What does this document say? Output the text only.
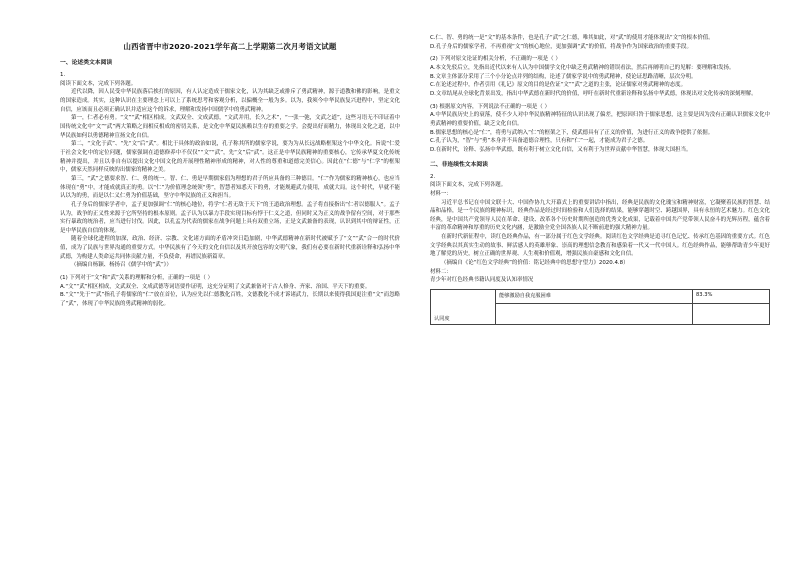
山西省晋中市2020-2021学年高二上学期第二次月考语文试题
一、论述类文本阅读

1.

阅读下面文本，完成下列各题。

近代以降，因人民受中华民族落后挨打的原因，有人认定造成于儒家文化，认为其缺乏或排斥了勇武精神，源于道教和佛的影响，是重文的国家造成。其实，这种认识在主要理念上可以上了系统思考和客观分析，以偏概全一般为多。以为，我须今中华民族复兴进程中，坚定文化自信，应该而且必须正确认识并适应这个的诉求，理解和发扬中国儒学中的勇武精神。

第一，仁者必有勇。“文”“武”相区相成。文武双全、文成武德，“文武并用，长久之术”，“一张一弛，文武之道”，这些习语无不印证着中国传统文化中“文”“武”两大策略之间相反相成的密切关系，是文化中华夏民族赖以生存的重要之学。会提出好而精力，体现出文化之道，以中华民族如何以勇德精神宣扬文化自信。

第二，“文化于武”、“先“文”后“武”。相比于具体的政治如说，孔子称其所的儒家学说，要为为从长远战略框架这个中华文化。旨说“仁爱于社会文化中的定位问题，儒家强调在道德修养中不仅仅”“文”“武”，先“文”后“武”。这正是中华民族精神的重要核心，它传承华夏文化传统精神并提出，并且以非自有以提出文化中国文化的开展理性精神形成的精神，对人性的尊重和道德完美信心。因此在“仁德”与“仁学”的框架中，儒家天然同样反映的出儒家的精神之美。

第三，“武”之德要求智、仁、勇的统一。智、仁、勇是早期儒家倡为理想的君子所应具备的三种德目。“仁”作为儒家的精神核心，也应当体现在“勇”中，才能成就真正的勇。以“仁”为价值理念统领“勇”，智慧者知悉天下的勇，才能规避武力使用，成就大局。这个时代，早就不能认以为的勇，而是以仁义仁勇为价值基础，坚守中华民族的正义和担当。

孔子身后的儒家学者中，孟子更加强调“仁”的核心地位，将学“仁者无敌于天下”的王道政治理想。孟子将直接指出“仁者以德服人”。孟子认为，战争的正义性来源于它所坚持的根本原则。孟子认为以暴力手段实现目标有悖于仁义之道，但同时又为正义的战争留有空间，对于那些实行暴政的统治者，应当进行讨伐。因此，以孔孟为代表的儒家在战争问题上具有双重立场，正是文武兼备的表现，认识到其中的辩证性，正是中华民族自信的体现。

随着全球化进程的加深，政治、经济、宗教、文化诸方面的矛盾冲突日趋加剧，中华武德精神在新时代被赋予了“文”“武”合一的时代价值，成为了民族与世界沟通的重要方式。中华民族有了今天的文化自信以及其开放包容的文明气象，我们有必要在新时代重新诠释和弘扬中华武德，为构建人类命运共同体贡献力量，不负使命，再谱民族新篇章。

（摘编自杨颖、杨扬召《儒学中的“武”》）

(1) 下列对于“文”和“武”关系的理解和分析，正确的一项是（ ）

A.“文”“武”相区相成，文武双全、文成武德等词语要作证明，这充分证明了文武兼备对于古人修身、齐家、治国、平天下的重要。

B.“文”“先于”“武”指孔子将儒家的“仁”放在首位，认为应先以仁德教化百姓，文德教化不成才诉诸武力，长期以来使得我国更注重“文”而忽略了“武”，体现了中华民族的勇武精神的弱化。

C.仁、智、勇的统一是“文”的基本条件，也是孔子“武”之仁德，唯其如此，对“武”的使用才能体现出“文”的根本价值。

D.孔子身后的儒家学者，不再重视“文”的核心地位，更加强调“武”的价值，将战争作为国家政治的重要手段。

(2) 下列对原文论证的相关分析，不正确的一项是（ ）

A.本文先驳后立，先指出近代以来有人认为中国儒学文化中缺乏勇武精神的错误看法，然后再阐明自己的见解：要理解和发扬。

B.文章主体部分采用了三个小分论点并列的结构，论述了儒家学说中的勇武精神，使论证思路清晰，层次分明。

C.在论述过程中，作者引用《礼记》原文的目的是佐证“文”“武”之道的主张，论证儒家对勇武精神的态度。

D.文章结尾从全球化背景出发，指出中华武德在新时代的价值，呼吁在新时代重新诠释和弘扬中华武德，体现出对文化传承的深刻理解。

(3) 根据原文内容，下列说法不正确的一项是（ ）

A.中华民族历史上的衰落，使不少人对中华民族精神特征的认识出现了偏差，把原因归咎于儒家思想，这主要是因为没有正确认识儒家文化中勇武精神的重要价值，缺乏文化自信。

B.儒家思想的核心是“仁”，将勇与武纳入“仁”的框架之下，使武德具有了正义的价值，为进行正义的战争提供了依据。

C.孔子认为，“智”与“勇”本身并不具备道德合理性，只有和“仁”一起，才能成为君子之德。

D.在新时代，诠释、弘扬中华武德，既有利于树立文化自信，又有利于为世界贡献中华智慧，体现大国担当。

二、非连续性文本阅读

2.

阅读下面文本，完成下列各题。

材料一：

习近平总书记在中国文联十大、中国作协九大开幕式上的重要讲话中指出，经典是民族的文化瑰宝和精神财富，它凝聚着民族的智慧、结晶和品格，是一个民族的精神标识，经典作品是经过时间检验和人们选择的结果，能够穿越时空、跨越国界，具有永恒的艺术魅力。红色文化经典，是中国共产党领导人民在革命、建设、改革各个历史时期所创造的优秀文化成果，记载着中国共产党带领人民奋斗的光辉历程，蕴含着丰富的革命精神和厚重的历史文化内涵，是激励全党全国各族人民不断前进的强大精神力量。

在新时代新征程中，读红色经典作品，有一部分属于红色文学经典。阅读红色文学经典是追寻红色记忆、传承红色基因的重要方式。红色文学经典以其真实生动的故事、鲜活感人的英雄形象、崇高的理想信念教育和感染着一代又一代中国人。红色经典作品，能够帮助青少年更好地了解党的历史，树立正确的世界观、人生观和价值观，增强民族自豪感和文化自信。

（摘编自《论“红色文学经典”的价值：铭记经典中的思想守望力》2020.4.8）

材料二：

青少年对红色经典书籍认同度及认知率情况

认同度	能够激励自我克服困难	83.3%
